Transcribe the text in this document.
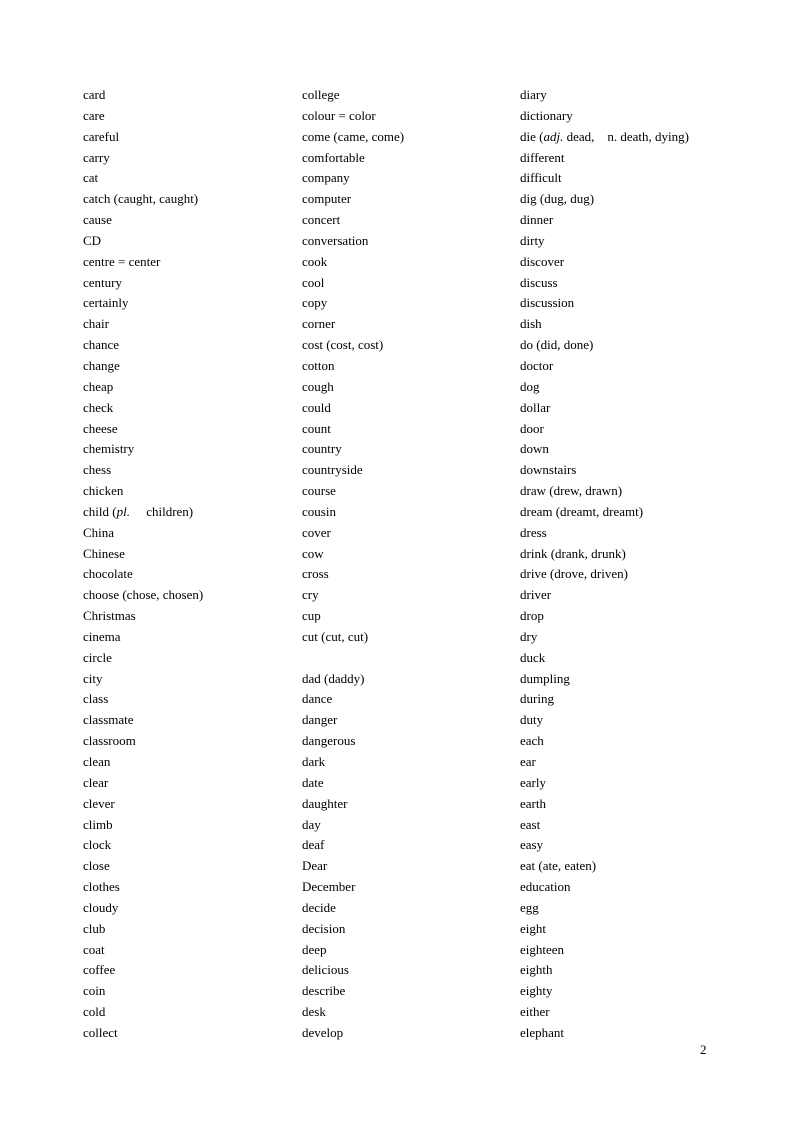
card
care
careful
carry
cat
catch (caught, caught)
cause
CD
centre = center
century
certainly
chair
chance
change
cheap
check
cheese
chemistry
chess
chicken
child (pl.     children)
China
Chinese
chocolate
choose (chose, chosen)
Christmas
cinema
circle
city
class
classmate
classroom
clean
clear
clever
climb
clock
close
clothes
cloudy
club
coat
coffee
coin
cold
collect
college
colour = color
come (came, come)
comfortable
company
computer
concert
conversation
cook
cool
copy
corner
cost (cost, cost)
cotton
cough
could
count
country
countryside
course
cousin
cover
cow
cross
cry
cup
cut (cut, cut)
dad (daddy)
dance
danger
dangerous
dark
date
daughter
day
deaf
Dear
December
decide
decision
deep
delicious
describe
desk
develop
diary
dictionary
die (adj. dead,    n. death, dying)
different
difficult
dig (dug, dug)
dinner
dirty
discover
discuss
discussion
dish
do (did, done)
doctor
dog
dollar
door
down
downstairs
draw (drew, drawn)
dream (dreamt, dreamt)
dress
drink (drank, drunk)
drive (drove, driven)
driver
drop
dry
duck
dumpling
during
duty
each
ear
early
earth
east
easy
eat (ate, eaten)
education
egg
eight
eighteen
eighth
eighty
either
elephant
2
